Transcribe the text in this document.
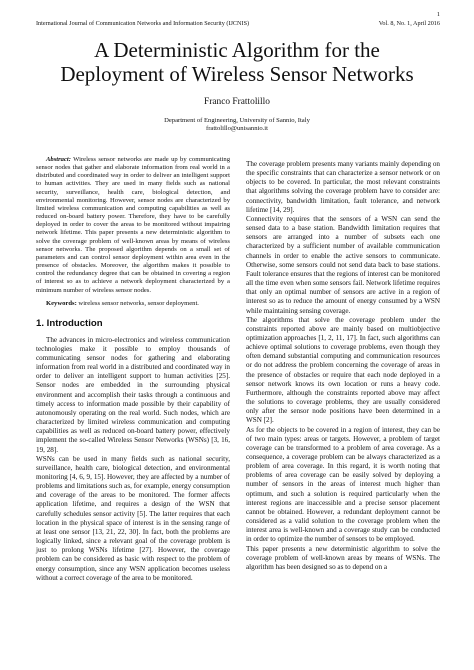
1
International Journal of Communication Networks and Information Security (IJCNIS)	Vol. 8, No. 1, April 2016
A Deterministic Algorithm for the
Deployment of Wireless Sensor Networks
Franco Frattolillo
Department of Engineering, University of Sannio, Italy
frattolillo@unisannio.it

Abstract: Wireless sensor networks are made up by communicating sensor nodes that gather and elaborate information from real world in a distributed and coordinated way in order to deliver an intelligent support to human activities. They are used in many fields such as national security, surveillance, health care, biological detection, and environmental monitoring. However, sensor nodes are characterized by limited wireless communication and computing capabilities as well as reduced on-board battery power. Therefore, they have to be carefully deployed in order to cover the areas to be monitored without impairing network lifetime. This paper presents a new deterministic algorithm to solve the coverage problem of well-known areas by means of wireless sensor networks. The proposed algorithm depends on a small set of parameters and can control sensor deployment within area even in the presence of obstacles. Moreover, the algorithm makes it possible to control the redundancy degree that can be obtained in covering a region of interest so as to achieve a network deployment characterized by a minimum number of wireless sensor nodes.

Keywords: wireless sensor networks, sensor deployment.

1. Introduction

The advances in micro-electronics and wireless communication technologies make it possible to employ thousands of communicating sensor nodes for gathering and elaborating information from real world in a distributed and coordinated way in order to deliver an intelligent support to human activities [25]. Sensor nodes are embedded in the surrounding physical environment and accomplish their tasks through a continuous and timely access to information made possible by their capability of autonomously operating on the real world. Such nodes, which are characterized by limited wireless communication and computing capabilities as well as reduced on-board battery power, effectively implement the so-called Wireless Sensor Networks (WSNs) [3, 16, 19, 28].

WSNs can be used in many fields such as national security, surveillance, health care, biological detection, and environmental monitoring [4, 6, 9, 15]. However, they are affected by a number of problems and limitations such as, for example, energy consumption and coverage of the areas to be monitored. The former affects application lifetime, and requires a design of the WSN that carefully schedules sensor activity [5]. The latter requires that each location in the physical space of interest is in the sensing range of at least one sensor [13, 21, 22, 30]. In fact, both the problems are logically linked, since a relevant goal of the coverage problem is just to prolong WSNs lifetime [27]. However, the coverage problem can be considered as basic with respect to the problem of energy consumption, since any WSN application becomes useless without a correct coverage of the area to be monitored.

The coverage problem presents many variants mainly depending on the specific constraints that can characterize a sensor network or on objects to be covered. In particular, the most relevant constraints that algorithms solving the coverage problem have to consider are: connectivity, bandwidth limitation, fault tolerance, and network lifetime [14, 29].

Connectivity requires that the sensors of a WSN can send the sensed data to a base station. Bandwidth limitation requires that sensors are arranged into a number of subsets each one characterized by a sufficient number of available communication channels in order to enable the active sensors to communicate. Otherwise, some sensors could not send data back to base stations. Fault tolerance ensures that the regions of interest can be monitored all the time even when some sensors fail. Network lifetime requires that only an optimal number of sensors are active in a region of interest so as to reduce the amount of energy consumed by a WSN while maintaining sensing coverage.

The algorithms that solve the coverage problem under the constraints reported above are mainly based on multiobjective optimization approaches [1, 2, 11, 17]. In fact, such algorithms can achieve optimal solutions to coverage problems, even though they often demand substantial computing and communication resources or do not address the problem concerning the coverage of areas in the presence of obstacles or require that each node deployed in a sensor network knows its own location or runs a heavy code. Furthermore, although the constraints reported above may affect the solutions to coverage problems, they are usually considered only after the sensor node positions have been determined in a WSN [2].

As for the objects to be covered in a region of interest, they can be of two main types: areas or targets. However, a problem of target coverage can be transformed to a problem of area coverage. As a consequence, a coverage problem can be always characterized as a problem of area coverage. In this regard, it is worth noting that problems of area coverage can be easily solved by deploying a number of sensors in the areas of interest much higher than optimum, and such a solution is required particularly when the interest regions are inaccessible and a precise sensor placement cannot be obtained. However, a redundant deployment cannot be considered as a valid solution to the coverage problem when the interest area is well-known and a coverage study can be conducted in order to optimize the number of sensors to be employed.

This paper presents a new deterministic algorithm to solve the coverage problem of well-known areas by means of WSNs. The algorithm has been designed so as to depend on a
